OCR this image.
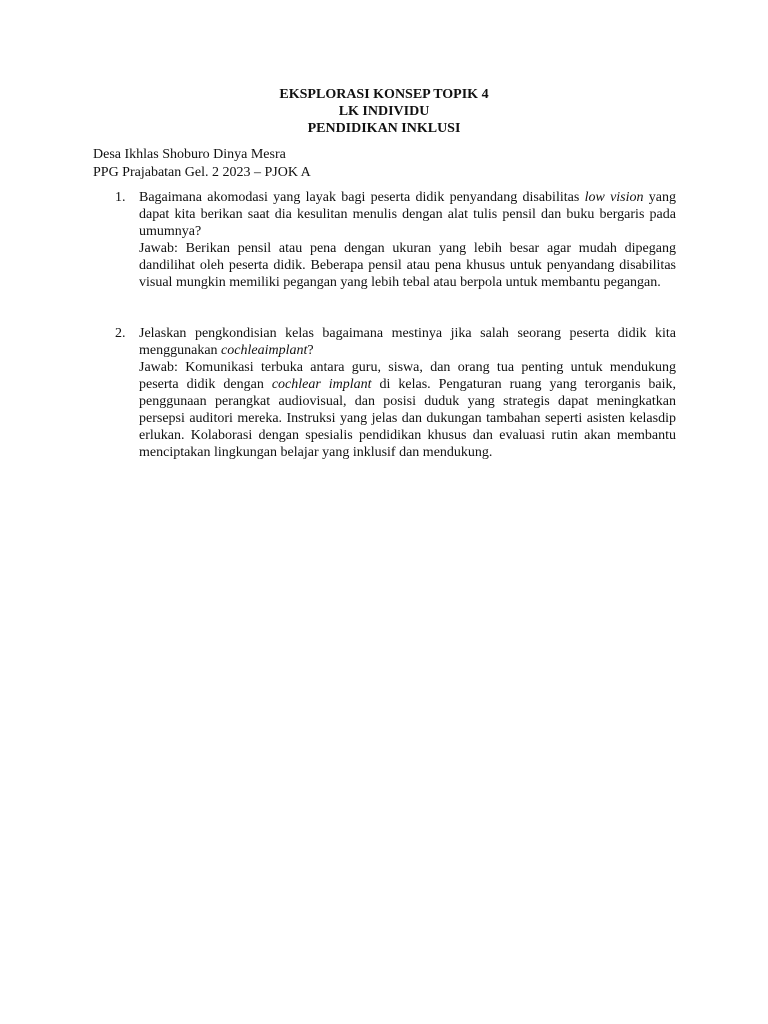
EKSPLORASI KONSEP TOPIK 4
LK INDIVIDU
PENDIDIKAN INKLUSI
Desa Ikhlas Shoburo Dinya Mesra
PPG Prajabatan Gel. 2 2023 – PJOK A
1. Bagaimana akomodasi yang layak bagi peserta didik penyandang disabilitas low vision yang dapat kita berikan saat dia kesulitan menulis dengan alat tulis pensil dan buku bergaris pada umumnya?

Jawab: Berikan pensil atau pena dengan ukuran yang lebih besar agar mudah dipegang dandilihat oleh peserta didik. Beberapa pensil atau pena khusus untuk penyandang disabilitas visual mungkin memiliki pegangan yang lebih tebal atau berpola untuk membantu pegangan.

2. Jelaskan pengkondisian kelas bagaimana mestinya jika salah seorang peserta didik kita menggunakan cochleaimplant?

Jawab: Komunikasi terbuka antara guru, siswa, dan orang tua penting untuk mendukung peserta didik dengan cochlear implant di kelas. Pengaturan ruang yang terorganis baik, penggunaan perangkat audiovisual, dan posisi duduk yang strategis dapat meningkatkan persepsi auditori mereka. Instruksi yang jelas dan dukungan tambahan seperti asisten kelasdip erlukan. Kolaborasi dengan spesialis pendidikan khusus dan evaluasi rutin akan membantu menciptakan lingkungan belajar yang inklusif dan mendukung.
